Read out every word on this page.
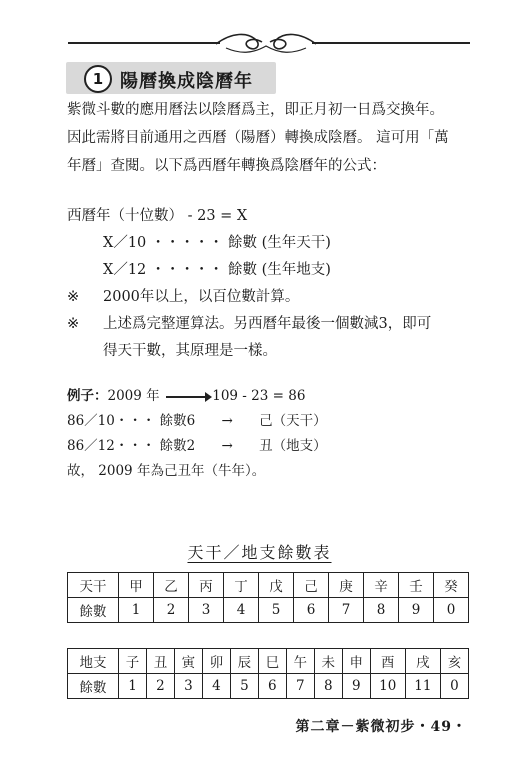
1 陽曆換成陰曆年

紫微斗數的應用曆法以陰曆爲主，即正月初一日爲交換年。
因此需將目前通用之西曆（陽曆）轉換成陰曆。 這可用「萬
年曆」查閱。以下爲西曆年轉換爲陰曆年的公式：

西曆年（十位數） - 23 = X
X／10 ・・・・・ 餘數 (生年天干)
X／12 ・・・・・ 餘數 (生年地支)
※ 2000年以上，以百位數計算。
※ 上述爲完整運算法。另西曆年最後一個數減3，即可
得天干數，其原理是一樣。
例子：2009 年	109 - 23 = 86
86／10・・・ 餘數6 → 己（天干）
86／12・・・ 餘數2 → 丑（地支）
故， 2009 年為己丑年（牛年）。
天干／地支餘數表
天干	甲	乙	丙	丁	戊	己	庚	辛	壬	癸
餘數	1	2	3	4	5	6	7	8	9	0
地支	子	丑	寅	卯	辰	巳	午	未	申	酉	戌	亥
餘數	1	2	3	4	5	6	7	8	9	10	11	0
第二章－紫微初步・49・
